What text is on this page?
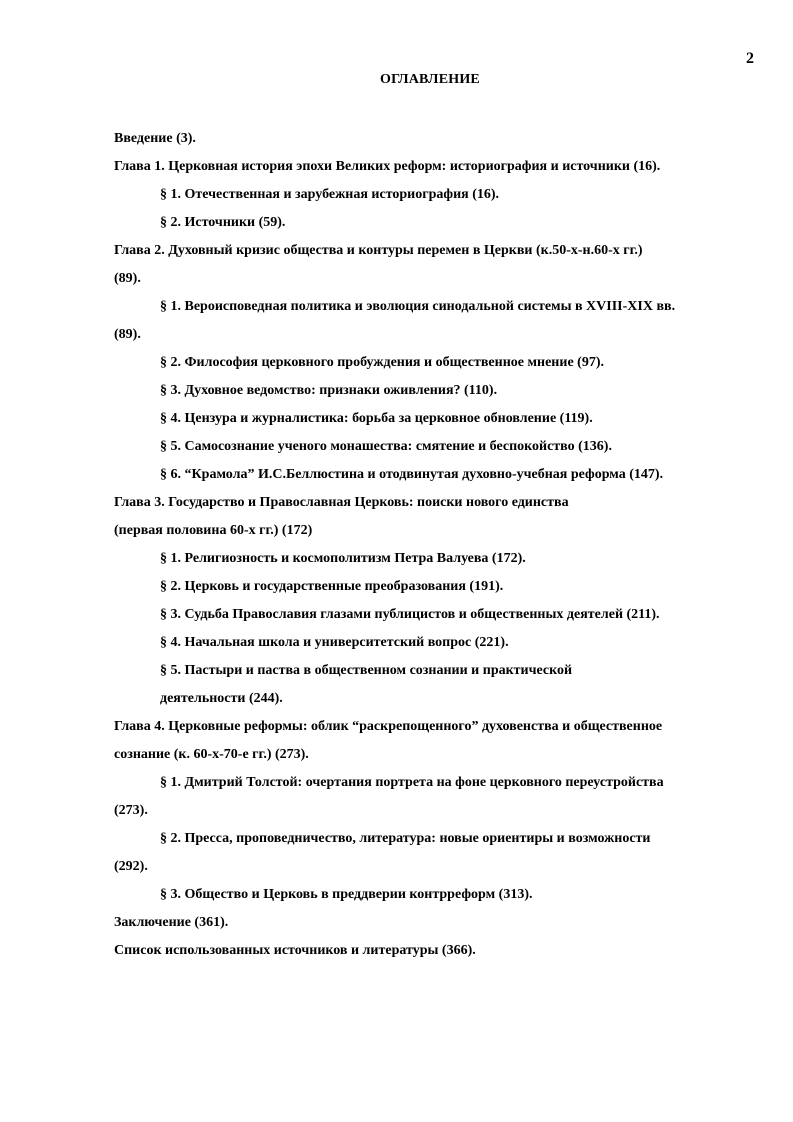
2
ОГЛАВЛЕНИЕ
Введение (3).
Глава 1. Церковная история эпохи Великих реформ: историография и источники (16).
§ 1. Отечественная и зарубежная историография (16).
§ 2. Источники (59).
Глава 2. Духовный кризис общества и контуры перемен в Церкви (к.50-х-н.60-х гг.)
(89).
§ 1. Вероисповедная политика и эволюция синодальной системы в XVIII-XIX вв.
(89).
§ 2. Философия церковного пробуждения и общественное мнение (97).
§ 3. Духовное ведомство: признаки оживления? (110).
§ 4. Цензура и журналистика: борьба за церковное обновление (119).
§ 5. Самосознание ученого монашества: смятение и беспокойство (136).
§ 6. “Крамола” И.С.Беллюстина и отодвинутая духовно-учебная реформа (147).
Глава 3. Государство и Православная Церковь: поиски нового единства
(первая половина 60-х гг.) (172)
§ 1. Религиозность и космополитизм Петра Валуева (172).
§ 2. Церковь и государственные преобразования (191).
§ 3. Судьба Православия глазами публицистов и общественных деятелей (211).
§ 4. Начальная школа и университетский вопрос (221).
§ 5. Пастыри и паства в общественном сознании и практической
деятельности (244).
Глава 4. Церковные реформы: облик “раскрепощенного” духовенства и общественное
сознание (к. 60-х-70-е гг.) (273).
§ 1. Дмитрий Толстой: очертания портрета на фоне церковного переустройства
(273).
§ 2. Пресса, проповедничество, литература: новые ориентиры и возможности
(292).
§ 3. Общество и Церковь в преддверии контрреформ (313).
Заключение (361).
Список использованных источников и литературы (366).
